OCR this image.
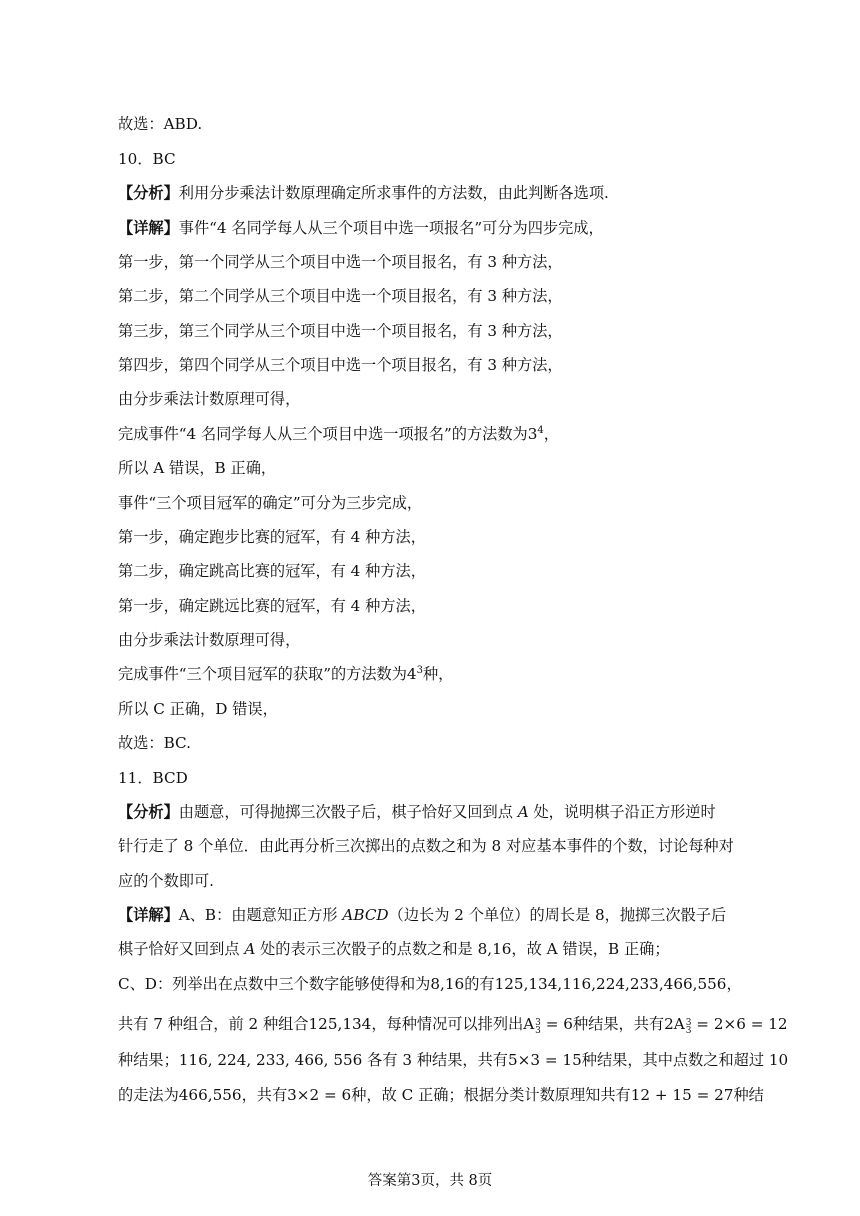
故选：ABD.
10．BC
【分析】利用分步乘法计数原理确定所求事件的方法数，由此判断各选项.
【详解】事件“4 名同学每人从三个项目中选一项报名”可分为四步完成，
第一步，第一个同学从三个项目中选一个项目报名，有 3 种方法，
第二步，第二个同学从三个项目中选一个项目报名，有 3 种方法，
第三步，第三个同学从三个项目中选一个项目报名，有 3 种方法，
第四步，第四个同学从三个项目中选一个项目报名，有 3 种方法，
由分步乘法计数原理可得，
完成事件“4 名同学每人从三个项目中选一项报名”的方法数为$3^4$，
所以 A 错误，B 正确，
事件“三个项目冠军的确定”可分为三步完成，
第一步，确定跑步比赛的冠军，有 4 种方法，
第二步，确定跳高比赛的冠军，有 4 种方法，
第一步，确定跳远比赛的冠军，有 4 种方法，
由分步乘法计数原理可得，
完成事件“三个项目冠军的获取”的方法数为$4^3$种，
所以 C 正确，D 错误，
故选：BC.
11．BCD
【分析】由题意，可得抛掷三次骰子后，棋子恰好又回到点 A 处，说明棋子沿正方形逆时
针行走了 8 个单位．由此再分析三次掷出的点数之和为 8 对应基本事件的个数，讨论每种对
应的个数即可.
【详解】A、B：由题意知正方形 ABCD（边长为 2 个单位）的周长是 8，抛掷三次骰子后
棋子恰好又回到点 A 处的表示三次骰子的点数之和是 8,16，故 A 错误，B 正确；
C、D：列举出在点数中三个数字能够使得和为8,16的有125,134,116,224,233,466,556，
共有 7 种组合，前 2 种组合125,134，每种情况可以排列出A 3
3 = 6种结果，共有2A 3
3 = 2×6 = 12
种结果；116, 224, 233, 466, 556 各有 3 种结果，共有5×3 = 15种结果，其中点数之和超过 10
的走法为466,556，共有3×2 = 6种，故 C 正确；根据分类计数原理知共有12 + 15 = 27种结
答案第3页，共 8页
